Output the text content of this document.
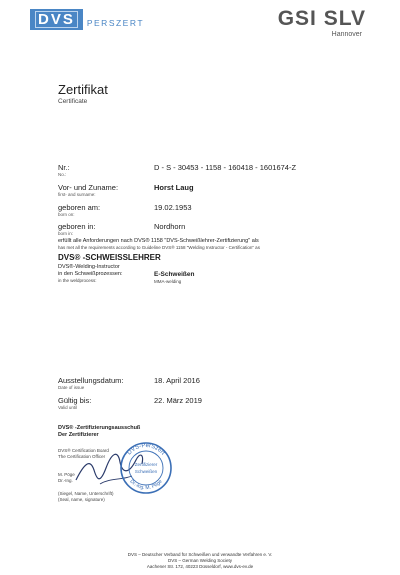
DVS	PERSZERT	GSI SLV
Hannover
Zertifikat
Certificate
Nr.:
No.:
D - S - 30453 - 1158 - 160418 - 1601674-Z
Vor- und Zuname:
first- and surname:
Horst Laug
geboren am:
born on:
19.02.1953
geboren in:
born in:
Nordhorn
erfüllt alle Anforderungen nach DVS® 1158 "DVS-Schweißlehrer-Zertifizierung" als
has met all the requirements according to Guideline DVS® 1158 "Welding Instructor - Certification" as
DVS® -SCHWEISSLEHRER
DVS®-Welding-Instructor
in den Schweißprozessen:
in the weldprocess:
E-Schweißen
MMA-welding
Ausstellungsdatum:
Date of issue
18. April 2016
Gültig bis:
Valid until
22. März 2019
DVS® -Zertifizierungsausschuß
Der Zertifizierer
DVS® Certification Board
The Certification Officer
M. Pöge
Dr.-Ing.
(Siegel, Name, Unterschrift)
(Seal, name, signature)
DVS-PerSzert
Dr.-Ing. M. Pöge
Zertifizierer
Schweißen
DVS – Deutscher Verband für Schweißen und verwandte Verfahren e. V.
DVS – German Welding Society
Aachener Str. 172, 40223 Düsseldorf, www.dvs-ev.de
